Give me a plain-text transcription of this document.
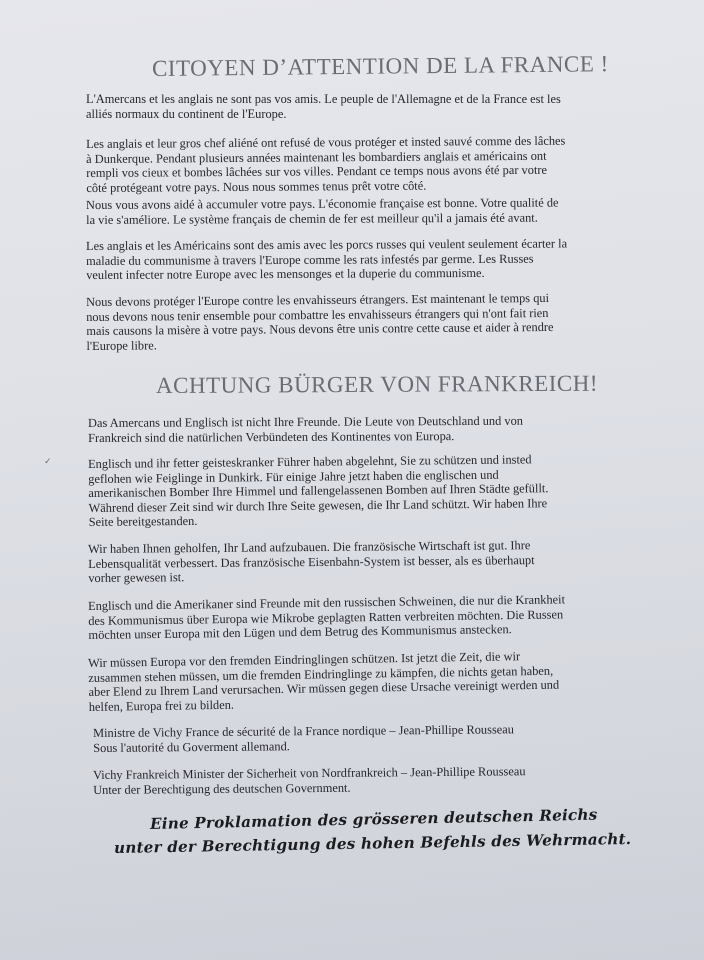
CITOYEN D’ATTENTION DE LA FRANCE !

L'Amercans et les anglais ne sont pas vos amis. Le peuple de l'Allemagne et de la France est les
alliés normaux du continent de l'Europe.

Les anglais et leur gros chef aliéné ont refusé de vous protéger et insted sauvé comme des lâches
à Dunkerque. Pendant plusieurs années maintenant les bombardiers anglais et américains ont
rempli vos cieux et bombes lâchées sur vos villes. Pendant ce temps nous avons été par votre
côté protégeant votre pays. Nous nous sommes tenus prêt votre côté.

Nous vous avons aidé à accumuler votre pays. L'économie française est bonne. Votre qualité de
la vie s'améliore. Le système français de chemin de fer est meilleur qu'il a jamais été avant.

Les anglais et les Américains sont des amis avec les porcs russes qui veulent seulement écarter la
maladie du communisme à travers l'Europe comme les rats infestés par germe. Les Russes
veulent infecter notre Europe avec les mensonges et la duperie du communisme.

Nous devons protéger l'Europe contre les envahisseurs étrangers. Est maintenant le temps qui
nous devons nous tenir ensemble pour combattre les envahisseurs étrangers qui n'ont fait rien
mais causons la misère à votre pays. Nous devons être unis contre cette cause et aider à rendre
l'Europe libre.

ACHTUNG BÜRGER VON FRANKREICH!

Das Amercans und Englisch ist nicht Ihre Freunde. Die Leute von Deutschland und von
Frankreich sind die natürlichen Verbündeten des Kontinentes von Europa.

✓	Englisch und ihr fetter geisteskranker Führer haben abgelehnt, Sie zu schützen und insted
geflohen wie Feiglinge in Dunkirk. Für einige Jahre jetzt haben die englischen und
amerikanischen Bomber Ihre Himmel und fallengelassenen Bomben auf Ihren Städte gefüllt.
Während dieser Zeit sind wir durch Ihre Seite gewesen, die Ihr Land schützt. Wir haben Ihre
Seite bereitgestanden.

Wir haben Ihnen geholfen, Ihr Land aufzubauen. Die französische Wirtschaft ist gut. Ihre
Lebensqualität verbessert. Das französische Eisenbahn-System ist besser, als es überhaupt
vorher gewesen ist.

Englisch und die Amerikaner sind Freunde mit den russischen Schweinen, die nur die Krankheit
des Kommunismus über Europa wie Mikrobe geplagten Ratten verbreiten möchten. Die Russen
möchten unser Europa mit den Lügen und dem Betrug des Kommunismus anstecken.

Wir müssen Europa vor den fremden Eindringlingen schützen. Ist jetzt die Zeit, die wir
zusammen stehen müssen, um die fremden Eindringlinge zu kämpfen, die nichts getan haben,
aber Elend zu Ihrem Land verursachen. Wir müssen gegen diese Ursache vereinigt werden und
helfen, Europa frei zu bilden.

Ministre de Vichy France de sécurité de la France nordique – Jean-Phillipe Rousseau
Sous l'autorité du Goverment allemand.

Vichy Frankreich Minister der Sicherheit von Nordfrankreich – Jean-Phillipe Rousseau
Unter der Berechtigung des deutschen Government.

Eine Proklamation des grösseren deutschen Reichs

unter der Berechtigung des hohen Befehls des Wehrmacht.
